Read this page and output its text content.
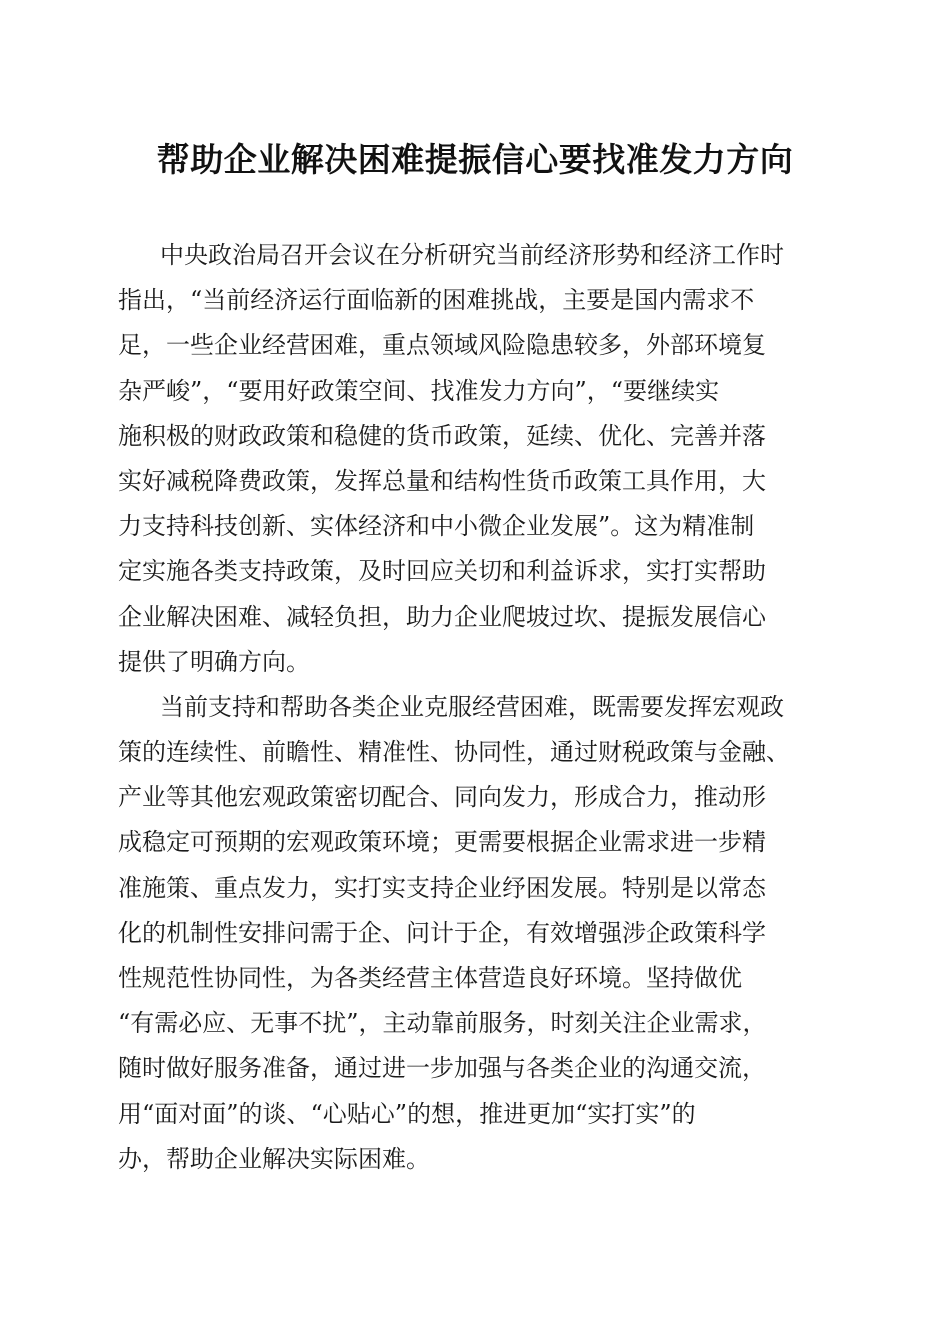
帮助企业解决困难提振信心要找准发力方向
中央政治局召开会议在分析研究当前经济形势和经济工作时
指出，“当前经济运行面临新的困难挑战，主要是国内需求不
足，一些企业经营困难，重点领域风险隐患较多，外部环境复
杂严峻”，“要用好政策空间、找准发力方向”，“要继续实
施积极的财政政策和稳健的货币政策，延续、优化、完善并落
实好减税降费政策，发挥总量和结构性货币政策工具作用，大
力支持科技创新、实体经济和中小微企业发展”。这为精准制
定实施各类支持政策，及时回应关切和利益诉求，实打实帮助
企业解决困难、减轻负担，助力企业爬坡过坎、提振发展信心
提供了明确方向。
当前支持和帮助各类企业克服经营困难，既需要发挥宏观政
策的连续性、前瞻性、精准性、协同性，通过财税政策与金融、
产业等其他宏观政策密切配合、同向发力，形成合力，推动形
成稳定可预期的宏观政策环境；更需要根据企业需求进一步精
准施策、重点发力，实打实支持企业纾困发展。特别是以常态
化的机制性安排问需于企、问计于企，有效增强涉企政策科学
性规范性协同性，为各类经营主体营造良好环境。坚持做优
“有需必应、无事不扰”，主动靠前服务，时刻关注企业需求，
随时做好服务准备，通过进一步加强与各类企业的沟通交流，
用“面对面”的谈、“心贴心”的想，推进更加“实打实”的
办，帮助企业解决实际困难。
